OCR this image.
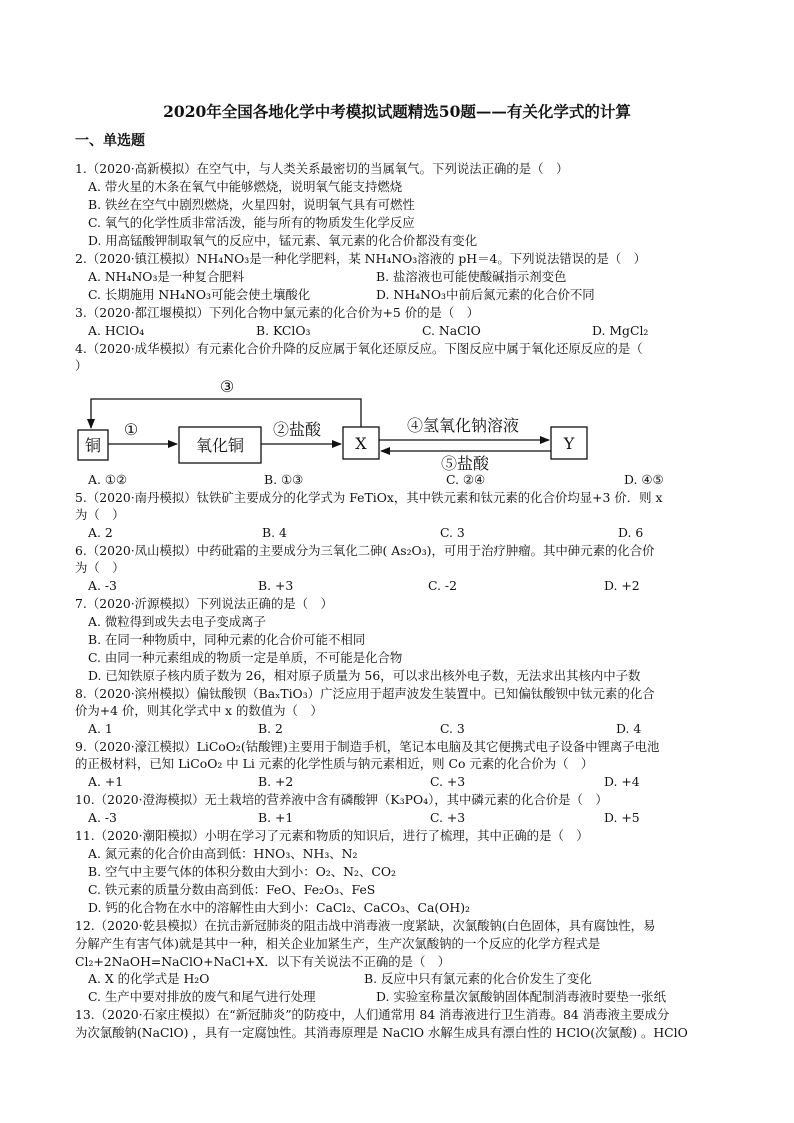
2020年全国各地化学中考模拟试题精选50题——有关化学式的计算
一、单选题
1.（2020·高新模拟）在空气中，与人类关系最密切的当属氧气。下列说法正确的是（　）
A. 带火星的木条在氧气中能够燃烧，说明氧气能支持燃烧
B. 铁丝在空气中剧烈燃烧，火星四射，说明氧气具有可燃性
C. 氧气的化学性质非常活泼，能与所有的物质发生化学反应
D. 用高锰酸钾制取氧气的反应中，锰元素、氧元素的化合价都没有变化
2.（2020·镇江模拟）NH₄NO₃是一种化学肥料，某 NH₄NO₃溶液的 pH＝4。下列说法错误的是（　）
A. NH₄NO₃是一种复合肥料	B. 盐溶液也可能使酸碱指示剂变色
C. 长期施用 NH₄NO₃可能会使土壤酸化	D. NH₄NO₃中前后氮元素的化合价不同
3.（2020·都江堰模拟）下列化合物中氯元素的化合价为+5 价的是（　）
A. HClO₄	B. KClO₃	C. NaClO	D. MgCl₂
4.（2020·成华模拟）有元素化合价升降的反应属于氧化还原反应。下图反应中属于氧化还原反应的是（
）
铜	氧化铜	X	Y
①	②盐酸
③
④氢氧化钠溶液
⑤盐酸
A. ①②	B. ①③	C. ②④	D. ④⑤
5.（2020·南丹模拟）钛铁矿主要成分的化学式为 FeTiOx，其中铁元素和钛元素的化合价均显+3 价．则 x
为（　）
A. 2	B. 4	C. 3	D. 6
6.（2020·凤山模拟）中药砒霜的主要成分为三氧化二砷( As₂O₃)，可用于治疗肿瘤。其中砷元素的化合价
为（　）
A. -3	B. +3	C. -2	D. +2
7.（2020·沂源模拟）下列说法正确的是（　）
A. 微粒得到或失去电子变成离子
B. 在同一种物质中，同种元素的化合价可能不相同
C. 由同一种元素组成的物质一定是单质，不可能是化合物
D. 已知铁原子核内质子数为 26，相对原子质量为 56，可以求出核外电子数，无法求出其核内中子数
8.（2020·滨州模拟）偏钛酸钡（BaₓTiO₃）广泛应用于超声波发生装置中。已知偏钛酸钡中钛元素的化合
价为+4 价，则其化学式中 x 的数值为（　）
A. 1	B. 2	C. 3	D. 4
9.（2020·濠江模拟）LiCoO₂(钴酸锂)主要用于制造手机，笔记本电脑及其它便携式电子设备中锂离子电池
的正极材料，已知 LiCoO₂ 中 Li 元素的化学性质与钠元素相近，则 Co 元素的化合价为（　）
A. +1	B. +2	C. +3	D. +4
10.（2020·澄海模拟）无土栽培的营养液中含有磷酸钾（K₃PO₄），其中磷元素的化合价是（　）
A. -3	B. +1	C. +3	D. +5
11.（2020·潮阳模拟）小明在学习了元素和物质的知识后，进行了梳理，其中正确的是（　）
A. 氮元素的化合价由高到低：HNO₃、NH₃、N₂
B. 空气中主要气体的体积分数由大到小：O₂、N₂、CO₂
C. 铁元素的质量分数由高到低：FeO、Fe₂O₃、FeS
D. 钙的化合物在水中的溶解性由大到小：CaCl₂、CaCO₃、Ca(OH)₂
12.（2020·乾县模拟）在抗击新冠肺炎的阻击战中消毒液一度紧缺，次氯酸钠(白色固体，具有腐蚀性，易
分解产生有害气体)就是其中一种，相关企业加紧生产，生产次氯酸钠的一个反应的化学方程式是
Cl₂+2NaOH=NaClO+NaCl+X．以下有关说法不正确的是（　）
A. X 的化学式是 H₂O	B. 反应中只有氯元素的化合价发生了变化
C. 生产中要对排放的废气和尾气进行处理	D. 实验室称量次氯酸钠固体配制消毒液时要垫一张纸
13.（2020·石家庄模拟）在“新冠肺炎”的防疫中，人们通常用 84 消毒液进行卫生消毒。84 消毒液主要成分
为次氯酸钠(NaClO) ，具有一定腐蚀性。其消毒原理是 NaClO 水解生成具有漂白性的 HClO(次氯酸) 。HClO
